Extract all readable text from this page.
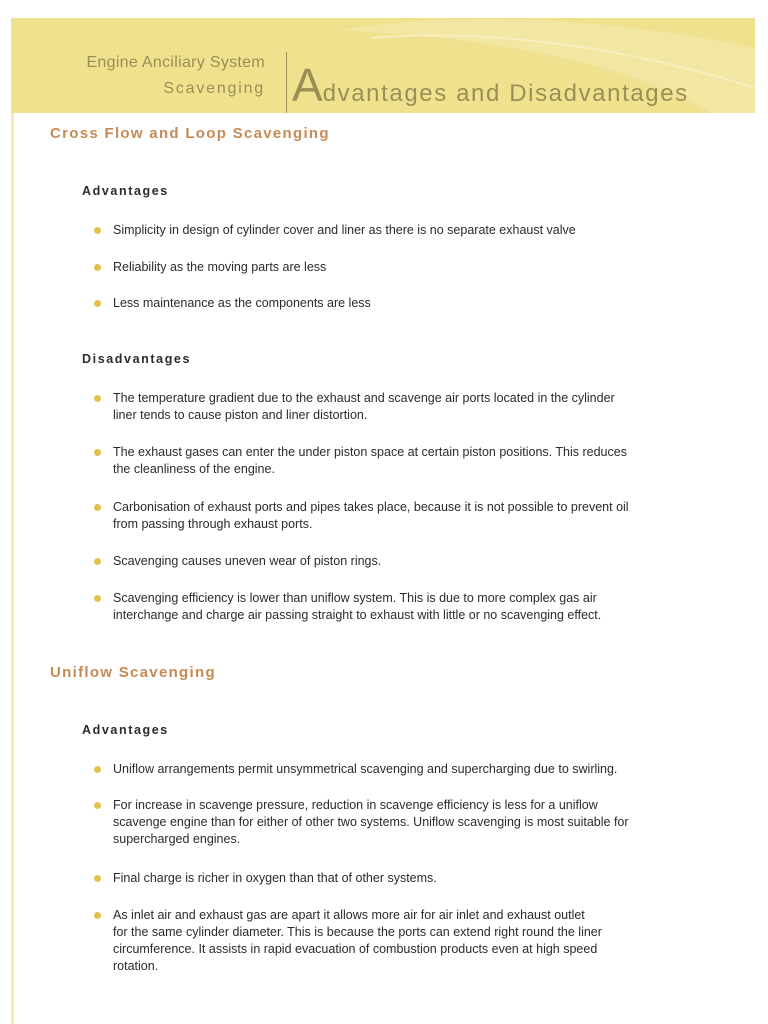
Engine Anciliary System
Scavenging Advantages and Disadvantages
Cross Flow and Loop Scavenging
Advantages
Simplicity in design of cylinder cover and liner as there is no separate exhaust valve
Reliability as the moving parts are less
Less maintenance as the components are less
Disadvantages
The temperature gradient due to the exhaust and scavenge air ports located in the cylinder
liner tends to cause piston and liner distortion.
The exhaust gases can enter the under piston space at certain piston positions. This reduces
the cleanliness of the engine.
Carbonisation of exhaust ports and pipes takes place, because it is not possible to prevent oil
from passing through exhaust ports.
Scavenging causes uneven wear of piston rings.
Scavenging efficiency is lower than uniflow system. This is due to more complex gas air
interchange and charge air passing straight to exhaust with little or no scavenging effect.
Uniflow Scavenging
Advantages
Uniflow arrangements permit unsymmetrical scavenging and supercharging due to swirling.
For increase in scavenge pressure, reduction in scavenge efficiency is less for a uniflow
scavenge engine than for either of other two systems. Uniflow scavenging is most suitable for
supercharged engines.
Final charge is richer in oxygen than that of other systems.
As inlet air and exhaust gas are apart it allows more air for air inlet and exhaust outlet
for the same cylinder diameter. This is because the ports can extend right round the liner
circumference. It assists in rapid evacuation of combustion products even at high speed
rotation.
